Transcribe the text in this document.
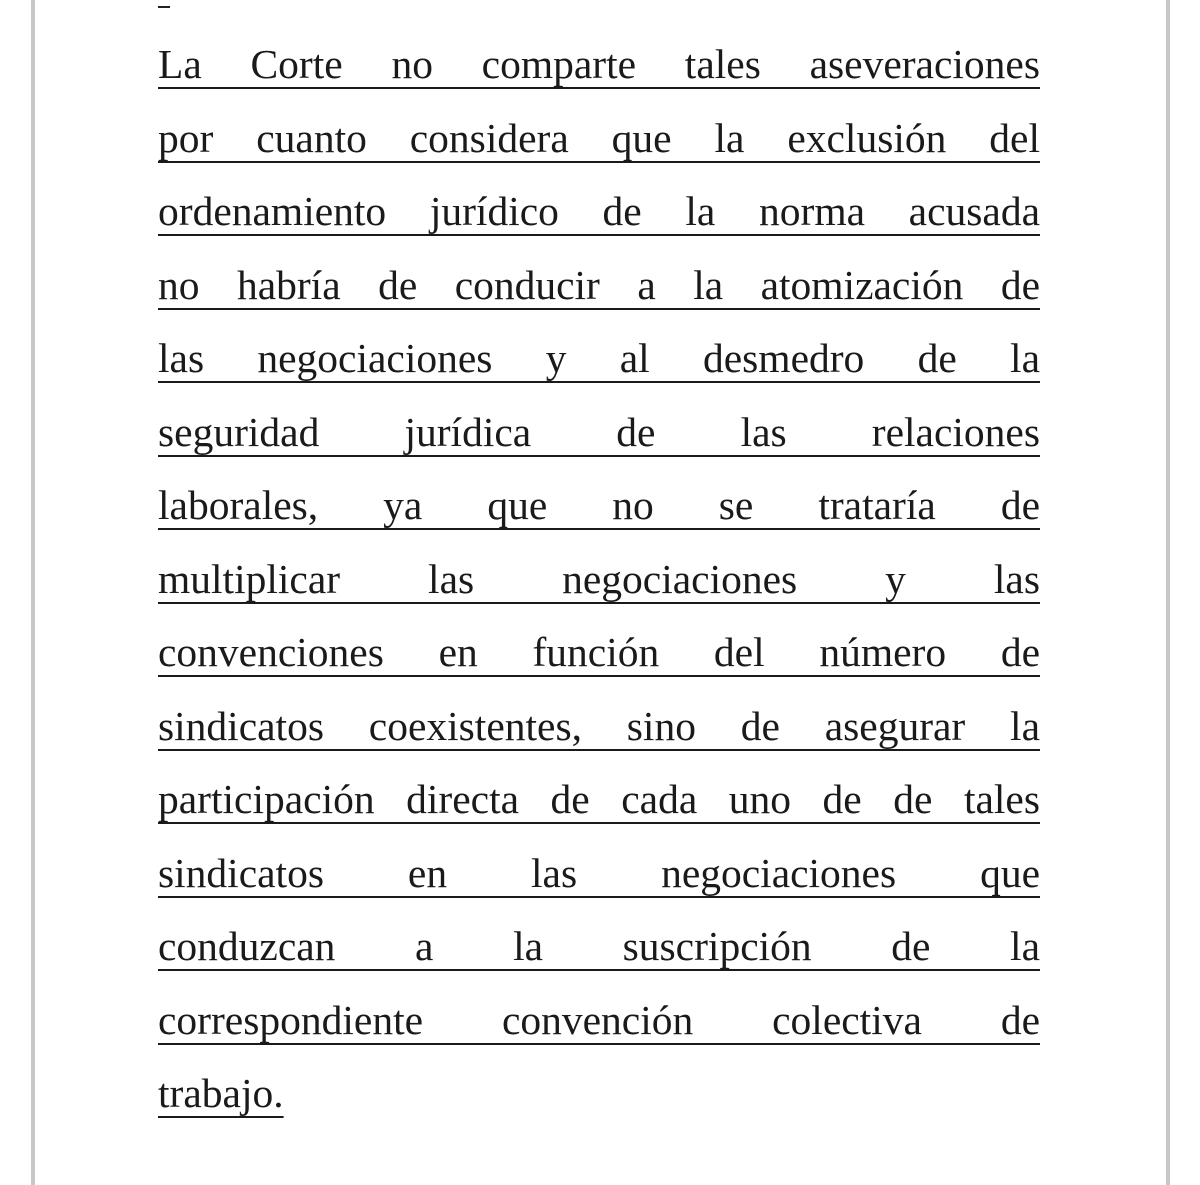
La Corte no comparte tales aseveraciones
por cuanto considera que la exclusión del
ordenamiento jurídico de la norma acusada
no habría de conducir a la atomización de
las negociaciones y al desmedro de la
seguridad jurídica de las relaciones
laborales, ya que no se trataría de
multiplicar las negociaciones y las
convenciones en función del número de
sindicatos coexistentes, sino de asegurar la
participación directa de cada uno de de tales
sindicatos en las negociaciones que
conduzcan a la suscripción de la
correspondiente convención colectiva de
trabajo.
